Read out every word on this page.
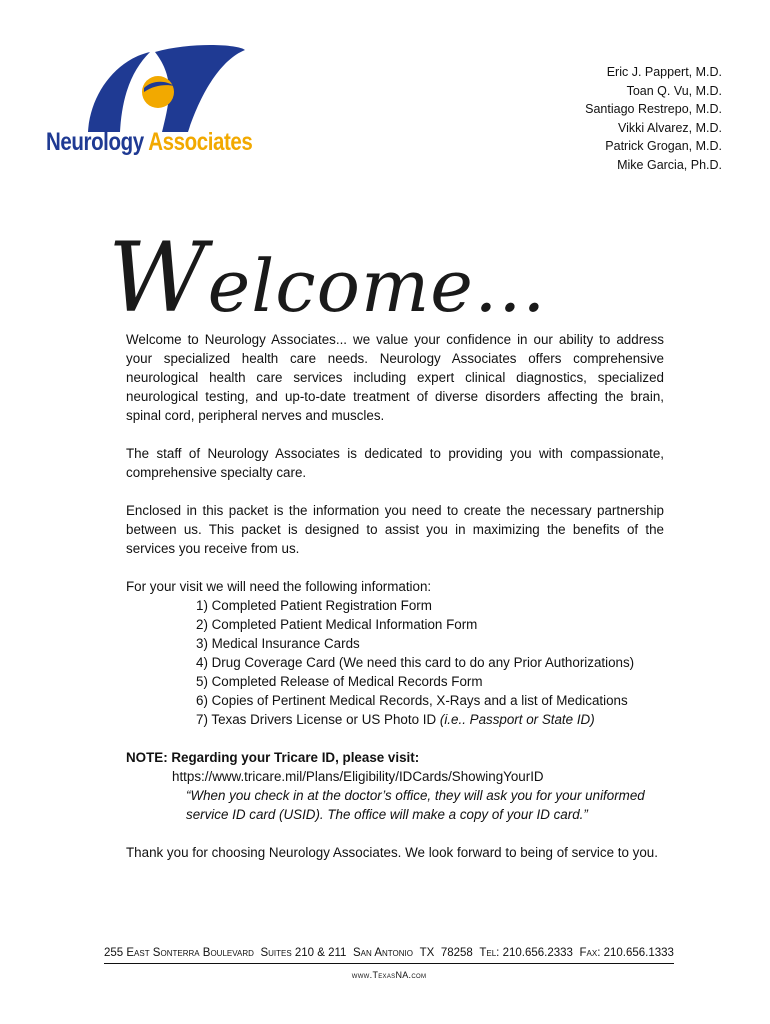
Neurology Associates
Eric J. Pappert, M.D.
Toan Q. Vu, M.D.
Santiago Restrepo, M.D.
Vikki Alvarez, M.D.
Patrick Grogan, M.D.
Mike Garcia, Ph.D.
Welcome…

Welcome to Neurology Associates... we value your confidence in our ability to address your specialized health care needs. Neurology Associates offers comprehensive neurological health care services including expert clinical diagnostics, specialized neurological testing, and up-to-date treatment of diverse disorders affecting the brain, spinal cord, peripheral nerves and muscles.

The staff of Neurology Associates is dedicated to providing you with compassionate, comprehensive specialty care.

Enclosed in this packet is the information you need to create the necessary partnership between us. This packet is designed to assist you in maximizing the benefits of the services you receive from us.

For your visit we will need the following information:
1) Completed Patient Registration Form
2) Completed Patient Medical Information Form
3) Medical Insurance Cards
4) Drug Coverage Card (We need this card to do any Prior Authorizations)
5) Completed Release of Medical Records Form
6) Copies of Pertinent Medical Records, X-Rays and a list of Medications
7) Texas Drivers License or US Photo ID (i.e.. Passport or State ID)
NOTE: Regarding your Tricare ID, please visit:
https://www.tricare.mil/Plans/Eligibility/IDCards/ShowingYourID
“When you check in at the doctor’s office, they will ask you for your uniformed service ID card (USID). The office will make a copy of your ID card.”
Thank you for choosing Neurology Associates. We look forward to being of service to you.
255 East Sonterra Boulevard Suites 210 & 211 San Antonio TX 78258 Tel: 210.656.2333 Fax: 210.656.1333
www.TexasNA.com
